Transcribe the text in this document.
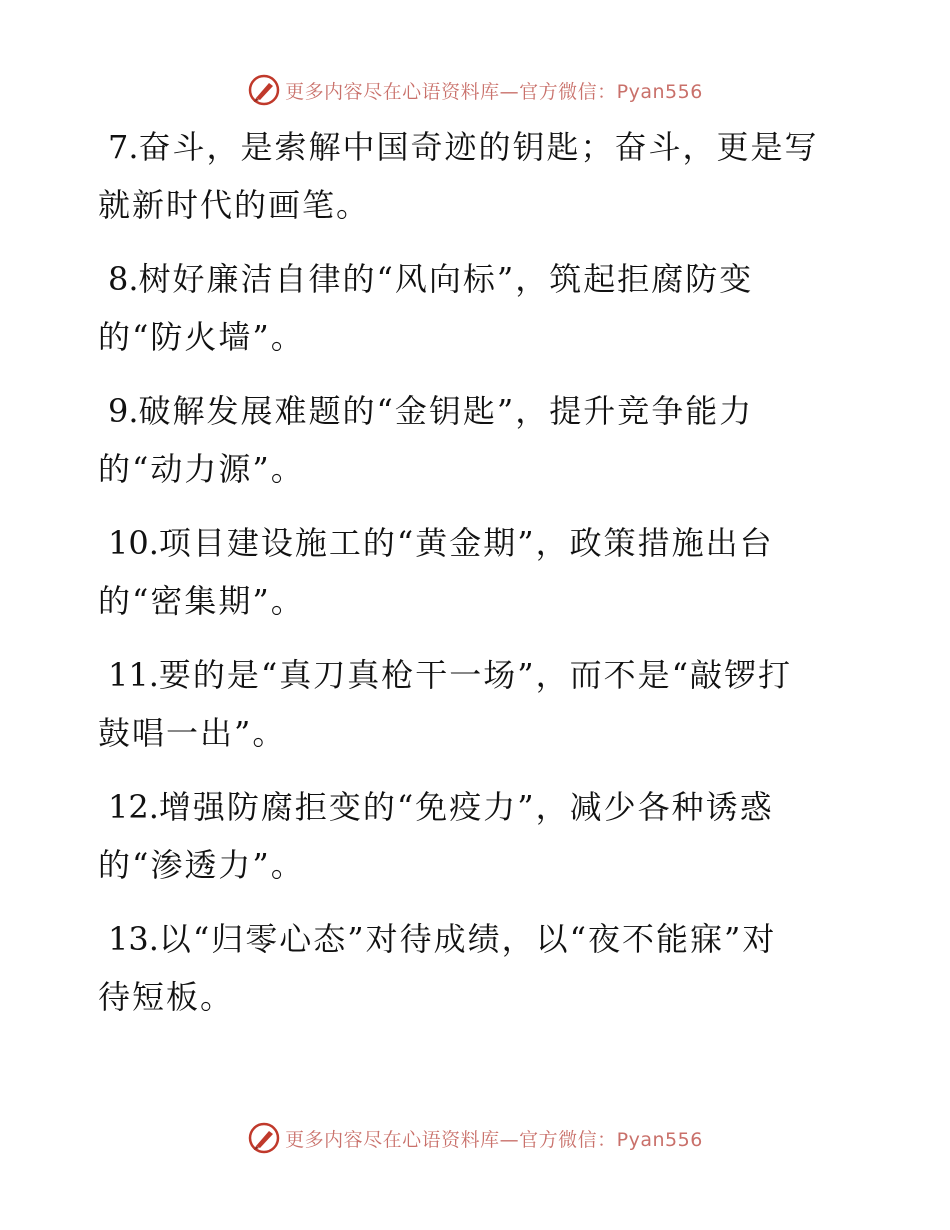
更多内容尽在心语资料库—官方微信：Pyan556
7.奋斗，是索解中国奇迹的钥匙；奋斗，更是写
就新时代的画笔。
8.树好廉洁自律的“风向标”，筑起拒腐防变
的“防火墙”。
9.破解发展难题的“金钥匙”，提升竞争能力
的“动力源”。
10.项目建设施工的“黄金期”，政策措施出台
的“密集期”。
11.要的是“真刀真枪干一场”，而不是“敲锣打
鼓唱一出”。
12.增强防腐拒变的“免疫力”，减少各种诱惑
的“渗透力”。
13.以“归零心态”对待成绩，以“夜不能寐”对
待短板。
更多内容尽在心语资料库—官方微信：Pyan556
